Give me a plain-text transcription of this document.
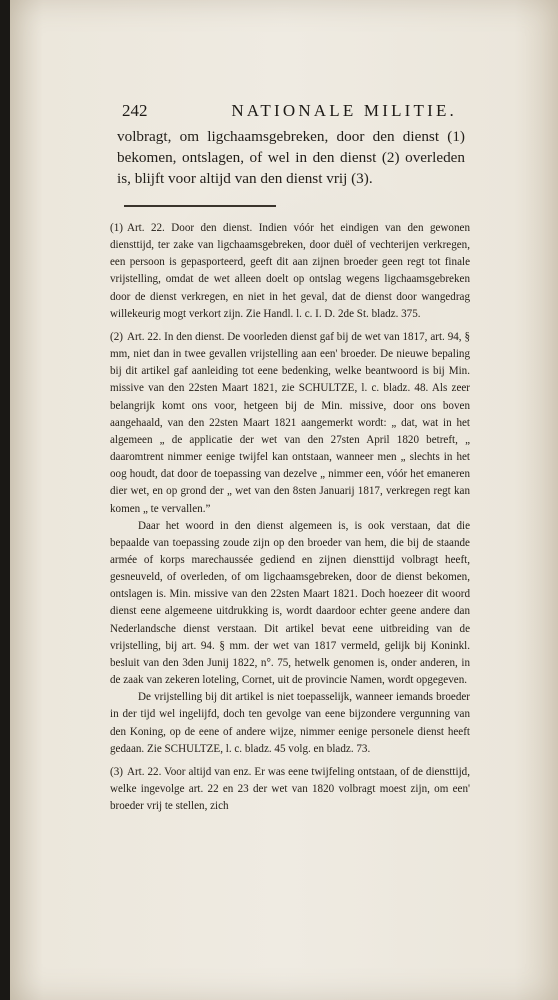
242	NATIONALE MILITIE.

volbragt, om ligchaamsgebreken, door den dienst (1) bekomen, ontslagen, of wel in den dienst (2) overleden is, blijft voor altijd van den dienst vrij (3).

(1) Art. 22. Door den dienst. Indien vóór het eindigen van den gewonen diensttijd, ter zake van ligchaamsgebreken, door duël of vechterijen verkregen, een persoon is gepasporteerd, geeft dit aan zijnen broeder geen regt tot finale vrijstelling, omdat de wet alleen doelt op ontslag wegens ligchaamsgebreken door de dienst verkregen, en niet in het geval, dat de dienst door wangedrag willekeurig mogt verkort zijn. Zie Handl. l. c. I. D. 2de St. bladz. 375.

(2) Art. 22. In den dienst. De voorleden dienst gaf bij de wet van 1817, art. 94, § mm, niet dan in twee gevallen vrijstelling aan een' broeder. De nieuwe bepaling bij dit artikel gaf aanleiding tot eene bedenking, welke beantwoord is bij Min. missive van den 22sten Maart 1821, zie SCHULTZE, l. c. bladz. 48. Als zeer belangrijk komt ons voor, hetgeen bij de Min. missive, door ons boven aangehaald, van den 22sten Maart 1821 aangemerkt wordt: „ dat, wat in het algemeen „ de applicatie der wet van den 27sten April 1820 betreft, „ daaromtrent nimmer eenige twijfel kan ontstaan, wanneer men „ slechts in het oog houdt, dat door de toepassing van dezelve „ nimmer een, vóór het emaneren dier wet, en op grond der „ wet van den 8sten Januarij 1817, verkregen regt kan komen „ te vervallen.”

Daar het woord in den dienst algemeen is, is ook verstaan, dat die bepaalde van toepassing zoude zijn op den broeder van hem, die bij de staande armée of korps marechaussée gediend en zijnen diensttijd volbragt heeft, gesneuveld, of overleden, of om ligchaamsgebreken, door de dienst bekomen, ontslagen is. Min. missive van den 22sten Maart 1821. Doch hoezeer dit woord dienst eene algemeene uitdrukking is, wordt daardoor echter geene andere dan Nederlandsche dienst verstaan. Dit artikel bevat eene uitbreiding van de vrijstelling, bij art. 94. § mm. der wet van 1817 vermeld, gelijk bij Koninkl. besluit van den 3den Junij 1822, n°. 75, hetwelk genomen is, onder anderen, in de zaak van zekeren loteling, Cornet, uit de provincie Namen, wordt opgegeven.

De vrijstelling bij dit artikel is niet toepasselijk, wanneer iemands broeder in der tijd wel ingelijfd, doch ten gevolge van eene bijzondere vergunning van den Koning, op de eene of andere wijze, nimmer eenige personele dienst heeft gedaan. Zie SCHULTZE, l. c. bladz. 45 volg. en bladz. 73.

(3) Art. 22. Voor altijd van enz. Er was eene twijfeling ontstaan, of de diensttijd, welke ingevolge art. 22 en 23 der wet van 1820 volbragt moest zijn, om een' broeder vrij te stellen, zich
